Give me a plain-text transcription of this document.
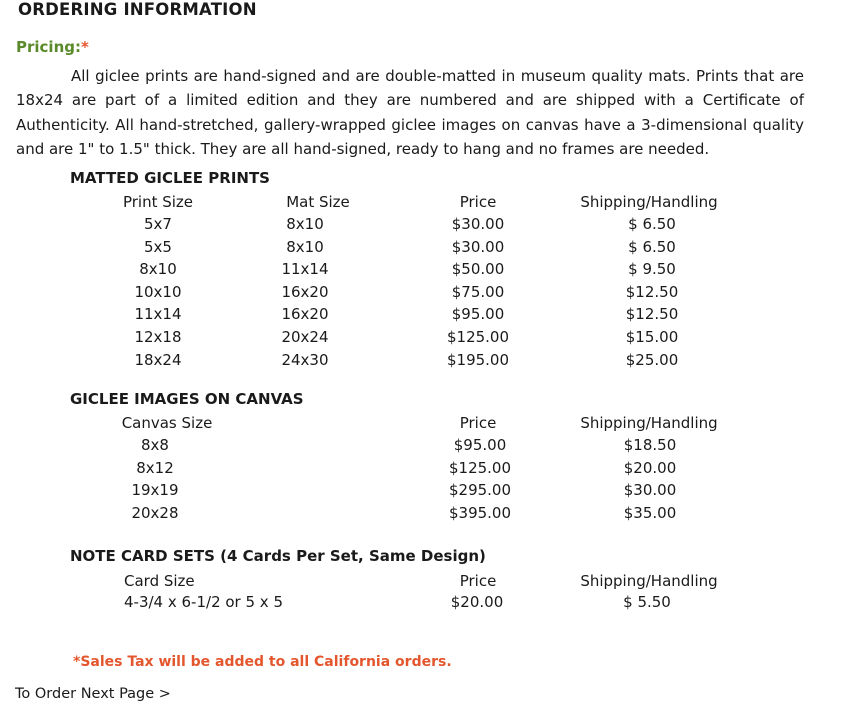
ORDERING INFORMATION
Pricing:*

All giclee prints are hand-signed and are double-matted in museum quality mats. Prints that are 18x24 are part of a limited edition and they are numbered and are shipped with a Certificate of Authenticity. All hand-stretched, gallery-wrapped giclee images on canvas have a 3-dimensional quality and are 1" to 1.5" thick. They are all hand-signed, ready to hang and no frames are needed.

MATTED GICLEE PRINTS
Print Size	Mat Size	Price	Shipping/Handling
5x7	8x10	$30.00	$ 6.50
5x5	8x10	$30.00	$ 6.50
8x10	11x14	$50.00	$ 9.50
10x10	16x20	$75.00	$12.50
11x14	16x20	$95.00	$12.50
12x18	20x24	$125.00	$15.00
18x24	24x30	$195.00	$25.00
GICLEE IMAGES ON CANVAS
Canvas Size	Price	Shipping/Handling
8x8	$95.00	$18.50
8x12	$125.00	$20.00
19x19	$295.00	$30.00
20x28	$395.00	$35.00
NOTE CARD SETS (4 Cards Per Set, Same Design)
Card Size	Price	Shipping/Handling
4-3/4 x 6-1/2 or 5 x 5	$20.00	$ 5.50
*Sales Tax will be added to all California orders.
To Order Next Page >
